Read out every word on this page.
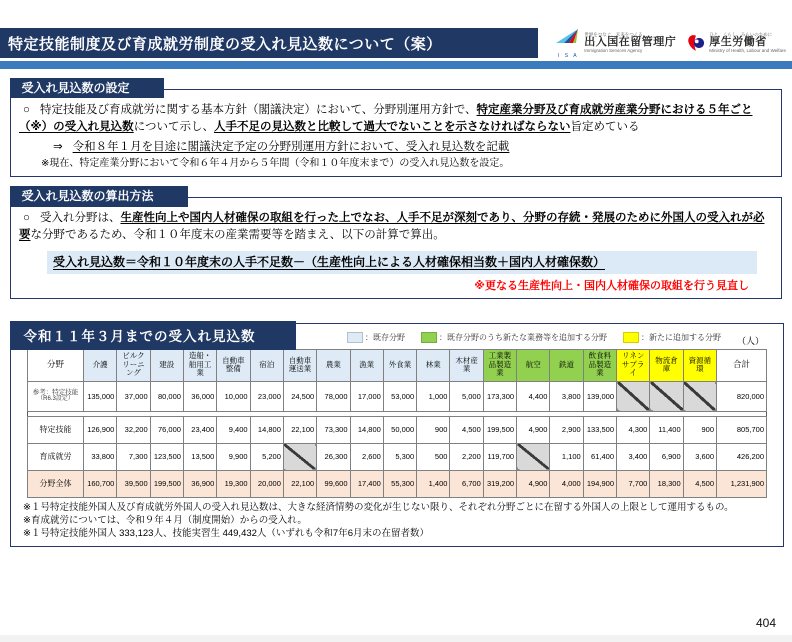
特定技能制度及び育成就労制度の受入れ見込数について（案）
I S A
世界をつなぐ、未来をつくる。
出入国在留管理庁
Immigration Services Agency
ひと、くらし、みらいのために
厚生労働省
Ministry of Health, Labour and Welfare
受入れ見込数の設定

○ 特定技能及び育成就労に関する基本方針（閣議決定）において、分野別運用方針で、特定産業分野及び育成就労産業分野における５年ごと（※）の受入れ見込数について示し、人手不足の見込数と比較して過大でないことを示さなければならない旨定めている

⇒ 令和８年１月を目途に閣議決定予定の分野別運用方針において、受入れ見込数を記載

※現在、特定産業分野において令和６年４月から５年間（令和１０年度末まで）の受入れ見込数を設定。

受入れ見込数の算出方法

○ 受入れ分野は、生産性向上や国内人材確保の取組を行った上でなお、人手不足が深刻であり、分野の存続・発展のために外国人の受入れが必要な分野であるため、令和１０年度末の産業需要等を踏まえ、以下の計算で算出。

受入れ見込数＝令和１０年度末の人手不足数－（生産性向上による人材確保相当数＋国内人材確保数）
※更なる生産性向上・国内人材確保の取組を行う見直し
令和１１年３月までの受入れ見込数	：既存分野	：既存分野のうち新たな業務等を追加する分野	：新たに追加する分野 （人）
分野	介護	ビルクリーニング	建設	造船・舶用工業	自動車整備	宿泊	自動車運送業	農業	漁業	外食業	林業	木材産業	工業製品製造業	航空	鉄道	飲食料品製造業	リネンサプライ	物流倉庫	資源循環	合計
参考：特定技能
（R6.3設定）	135,000	37,000	80,000	36,000	10,000	23,000	24,500	78,000	17,000	53,000	1,000	5,000	173,300	4,400	3,800	139,000				820,000

特定技能	126,900	32,200	76,000	23,400	9,400	14,800	22,100	73,300	14,800	50,000	900	4,500	199,500	4,900	2,900	133,500	4,300	11,400	900	805,700
育成就労	33,800	7,300	123,500	13,500	9,900	5,200		26,300	2,600	5,300	500	2,200	119,700		1,100	61,400	3,400	6,900	3,600	426,200
分野全体	160,700	39,500	199,500	36,900	19,300	20,000	22,100	99,600	17,400	55,300	1,400	6,700	319,200	4,900	4,000	194,900	7,700	18,300	4,500	1,231,900
※１号特定技能外国人及び育成就労外国人の受入れ見込数は、大きな経済情勢の変化が生じない限り、それぞれ分野ごとに在留する外国人の上限として運用するもの。
※育成就労については、令和９年４月（制度開始）からの受入れ。
※１号特定技能外国人 333,123人、技能実習生 449,432人（いずれも令和7年6月末の在留者数）
404
